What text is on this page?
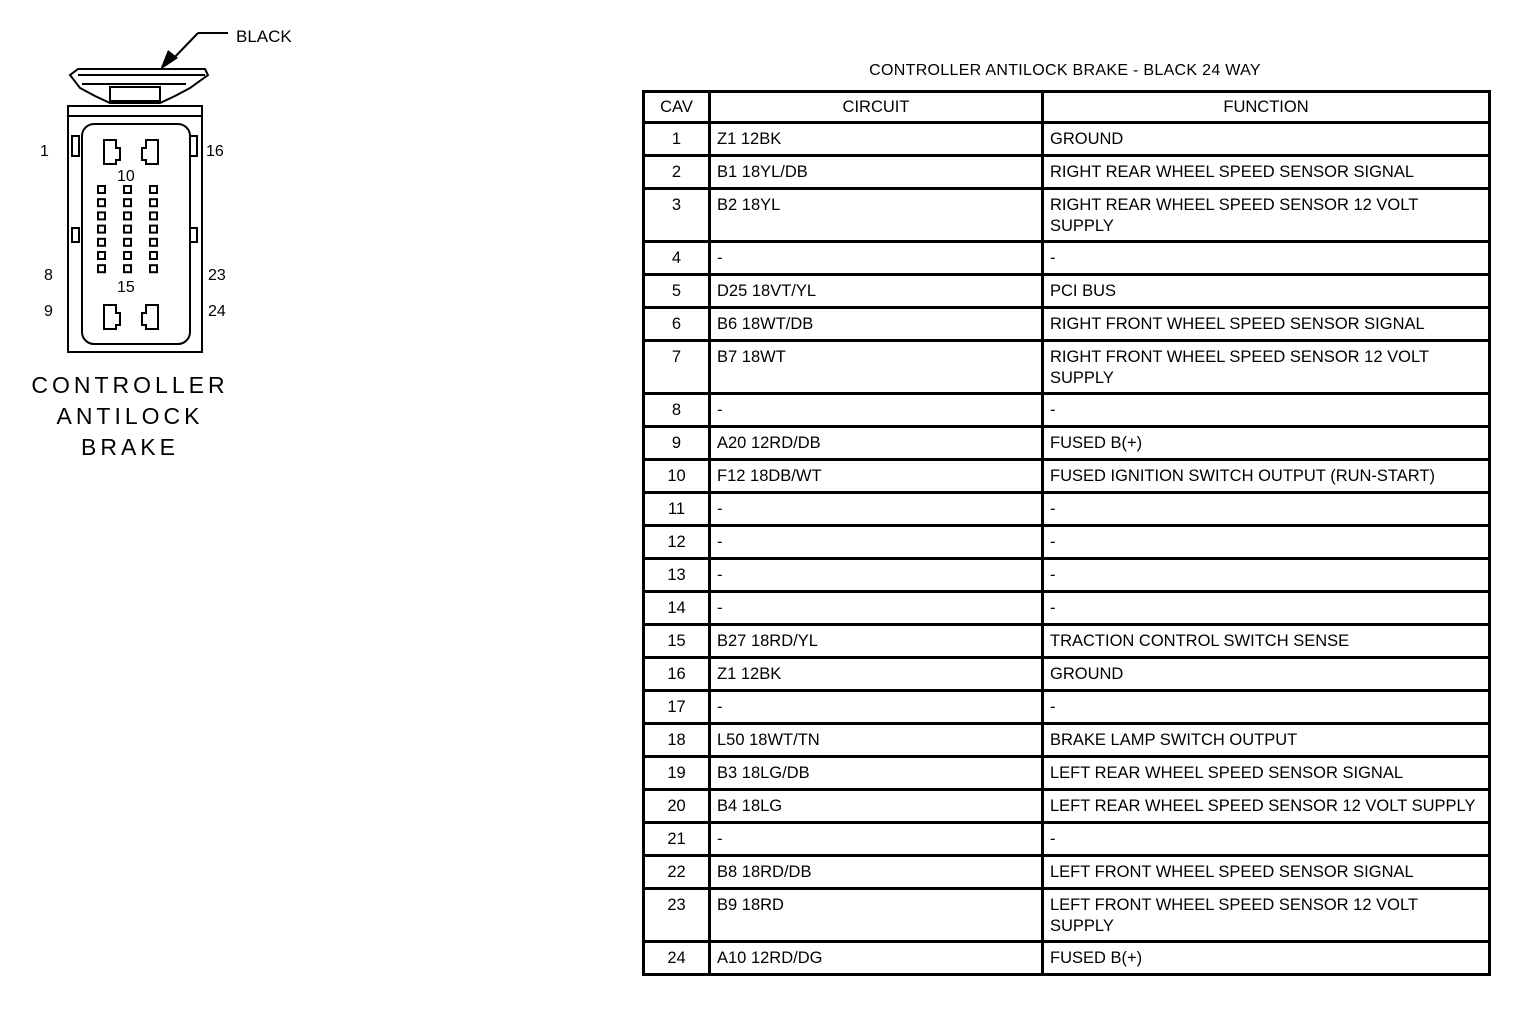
BLACK
1	16
10
8	23
15
9	24
CONTROLLER
ANTILOCK
BRAKE
CONTROLLER ANTILOCK BRAKE - BLACK 24 WAY
CAV	CIRCUIT	FUNCTION
1	Z1 12BK	GROUND
2	B1 18YL/DB	RIGHT REAR WHEEL SPEED SENSOR SIGNAL
3	B2 18YL	RIGHT REAR WHEEL SPEED SENSOR 12 VOLT SUPPLY
4	-	-
5	D25 18VT/YL	PCI BUS
6	B6 18WT/DB	RIGHT FRONT WHEEL SPEED SENSOR SIGNAL
7	B7 18WT	RIGHT FRONT WHEEL SPEED SENSOR 12 VOLT SUPPLY
8	-	-
9	A20 12RD/DB	FUSED B(+)
10	F12 18DB/WT	FUSED IGNITION SWITCH OUTPUT (RUN-START)
11	-	-
12	-	-
13	-	-
14	-	-
15	B27 18RD/YL	TRACTION CONTROL SWITCH SENSE
16	Z1 12BK	GROUND
17	-	-
18	L50 18WT/TN	BRAKE LAMP SWITCH OUTPUT
19	B3 18LG/DB	LEFT REAR WHEEL SPEED SENSOR SIGNAL
20	B4 18LG	LEFT REAR WHEEL SPEED SENSOR 12 VOLT SUPPLY
21	-	-
22	B8 18RD/DB	LEFT FRONT WHEEL SPEED SENSOR SIGNAL
23	B9 18RD	LEFT FRONT WHEEL SPEED SENSOR 12 VOLT SUPPLY
24	A10 12RD/DG	FUSED B(+)
